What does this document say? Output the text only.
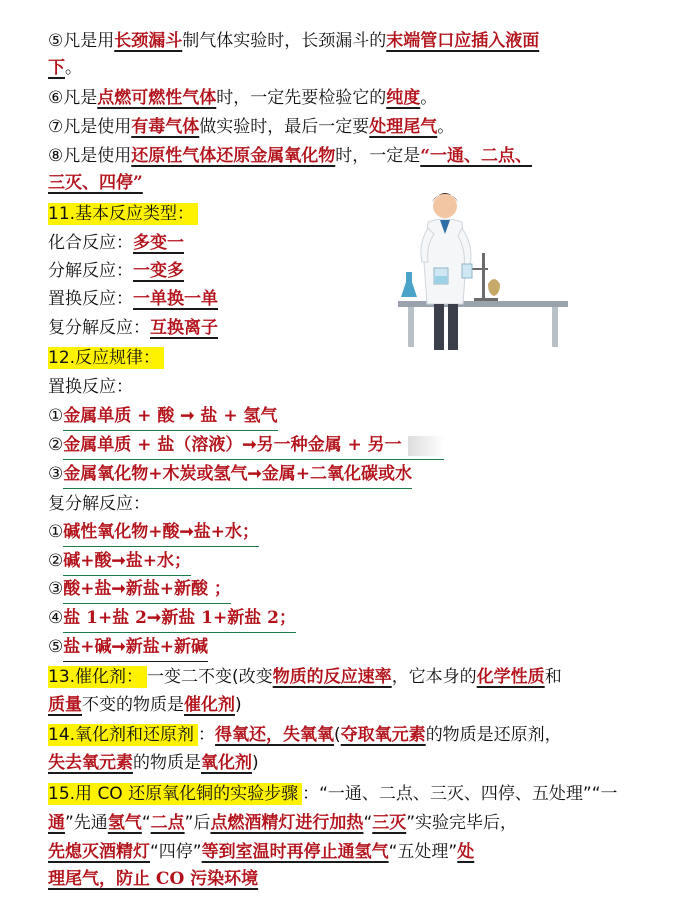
⑤凡是用长颈漏斗制气体实验时，长颈漏斗的末端管口应插入液面
下。
⑥凡是点燃可燃性气体时，一定先要检验它的纯度。
⑦凡是使用有毒气体做实验时，最后一定要处理尾气。
⑧凡是使用还原性气体还原金属氧化物时，一定是“一通、二点、
三灭、四停”
11.基本反应类型：
化合反应：多变一
分解反应：一变多
置换反应：一单换一单
复分解反应：互换离子
12.反应规律：
置换反应：
①金属单质 + 酸 ➞ 盐 + 氢气
②金属单质 + 盐（溶液）➞另一种金属 + 另一
③金属氧化物+木炭或氢气➞金属+二氧化碳或水
复分解反应：
①碱性氧化物+酸➞盐+水；
②碱+酸➞盐+水；
③酸+盐➞新盐+新酸 ；
④盐 1+盐 2➞新盐 1+新盐 2；
⑤盐+碱➞新盐+新碱
13.催化剂： 一变二不变(改变物质的反应速率，它本身的化学性质和
质量不变的物质是催化剂)
14.氧化剂和还原剂 ：得氧还，失氧氧(夺取氧元素的物质是还原剂，
失去氧元素的物质是氧化剂)
15.用 CO 还原氧化铜的实验步骤 ：“一通、二点、三灭、四停、五处理”“一
通”先通氢气“二点”后点燃酒精灯进行加热“三灭”实验完毕后，
先熄灭酒精灯“四停”等到室温时再停止通氢气“五处理”处
理尾气，防止 CO 污染环境
